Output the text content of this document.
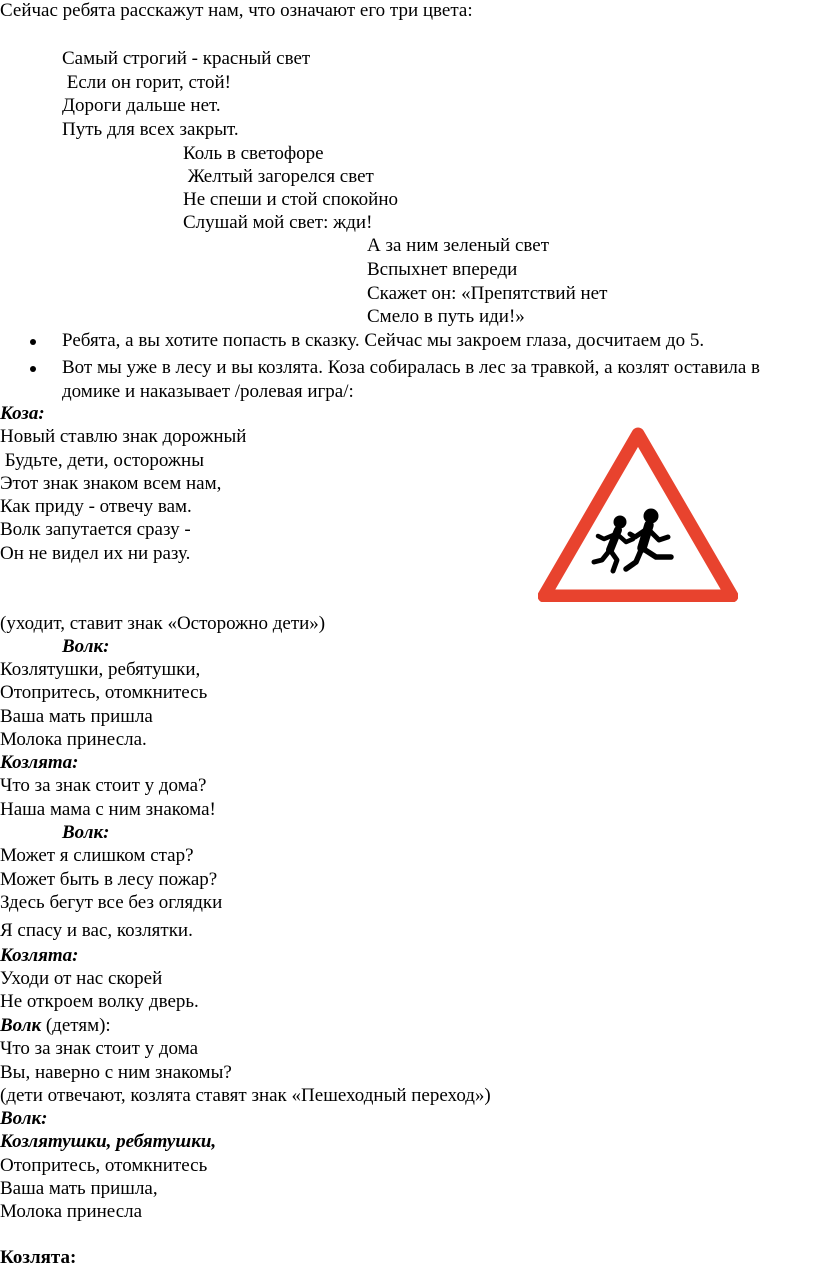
Сейчас ребята расскажут нам, что означают его три цвета:
Самый строгий - красный свет
Если он горит, стой!
Дороги дальше нет.
Путь для всех закрыт.
Коль в светофоре
Желтый загорелся свет
Не спеши и стой спокойно
Слушай мой свет: жди!
А за ним зеленый свет
Вспыхнет впереди
Скажет он: «Препятствий нет
Смело в путь иди!»
Ребята, а вы хотите попасть в сказку. Сейчас мы закроем глаза, досчитаем до 5.
Вот мы уже в лесу и вы козлята. Коза собиралась в лес за травкой, а козлят оставила в
домике и наказывает /ролевая игра/:
Коза:
Новый ставлю знак дорожный
Будьте, дети, осторожны
Этот знак знаком всем нам,
Как приду - отвечу вам.
Волк запутается сразу -
Он не видел их ни разу.
(уходит, ставит знак «Осторожно дети»)
Волк:
Козлятушки, ребятушки,
Отопритесь, отомкнитесь
Ваша мать пришла
Молока принесла.
Козлята:
Что за знак стоит у дома?
Наша мама с ним знакома!
Волк:
Может я слишком стар?
Может быть в лесу пожар?
Здесь бегут все без оглядки
Я спасу и вас, козлятки.
Козлята:
Уходи от нас скорей
Не откроем волку дверь.
Волк (детям):
Что за знак стоит у дома
Вы, наверно с ним знакомы?
(дети отвечают, козлята ставят знак «Пешеходный переход»)
Волк:
Козлятушки, ребятушки,
Отопритесь, отомкнитесь
Ваша мать пришла,
Молока принесла
Козлята:
